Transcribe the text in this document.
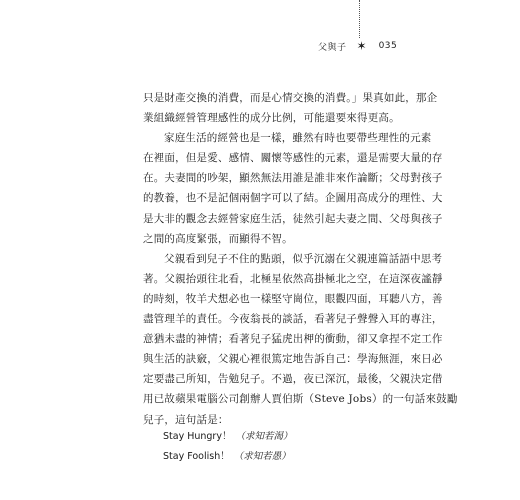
父與子 ✶ 035
只是財產交換的消費，而是心情交換的消費。」果真如此，那企
業組織經營管理感性的成分比例，可能還要來得更高。
家庭生活的經營也是一樣，雖然有時也要帶些理性的元素
在裡面，但是愛、感情、關懷等感性的元素，還是需要大量的存
在。夫妻間的吵架，顯然無法用誰是誰非來作論斷；父母對孩子
的教養，也不是記個兩個字可以了結。企圖用高成分的理性、大
是大非的觀念去經營家庭生活，徒然引起夫妻之間、父母與孩子
之間的高度緊張，而顯得不智。
父親看到兒子不住的點頭，似乎沉溺在父親連篇話語中思考
著。父親抬頭往北看，北極星依然高掛極北之空，在這深夜謐靜
的時刻，牧羊犬想必也一樣堅守崗位，眼觀四面，耳聽八方，善
盡管理羊的責任。今夜翁長的談話，看著兒子聲聲入耳的專注，
意猶未盡的神情；看著兒子猛虎出柙的衝動，卻又拿捏不定工作
與生活的訣竅，父親心裡很篤定地告訴自己：學海無涯，來日必
定要盡己所知，告勉兒子。不過，夜已深沉，最後，父親決定借
用已故蘋果電腦公司創辦人賈伯斯（Steve Jobs）的一句話來鼓勵
兒子，這句話是：
Stay Hungry！ （求知若渴）
Stay Foolish！ （求知若愚）
